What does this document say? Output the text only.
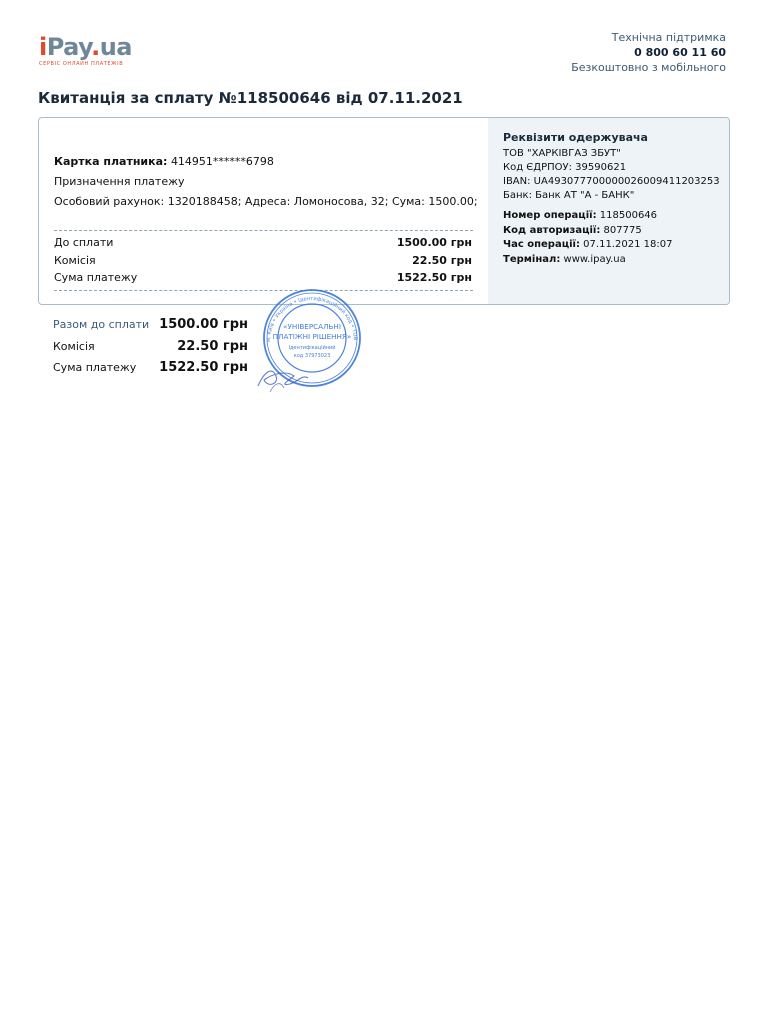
iPay.ua
СЕРВІС ОНЛАЙН ПЛАТЕЖІВ
Технічна підтримка
0 800 60 11 60
Безкоштовно з мобільного
Квитанція за сплату №118500646 від 07.11.2021
Картка платника: 414951******6798
Призначення платежу
Особовий рахунок: 1320188458; Адреса: Ломоносова, 32; Сума: 1500.00;
До сплати	1500.00 грн
Комісія	22.50 грн
Сума платежу	1522.50 грн
Реквізити одержувача
ТОВ "ХАРКІВГАЗ ЗБУТ"
Код ЄДРПОУ: 39590621
IBAN: UA493077700000026009411203253
Банк: Банк АТ "А - БАНК"
Номер операції: 118500646
Код авторизації: 807775
Час операції: 07.11.2021 18:07
Термінал: www.ipay.ua
Разом до сплати 1500.00 грн
Комісія	22.50 грн
Сума платежу 1522.50 грн
м. Київ • Україна • Ідентифікаційний код • ТОВ
«УНІВЕРСАЛЬНІ
ПЛАТІЖНІ РІШЕННЯ»
Ідентифікаційний
код 37973023
